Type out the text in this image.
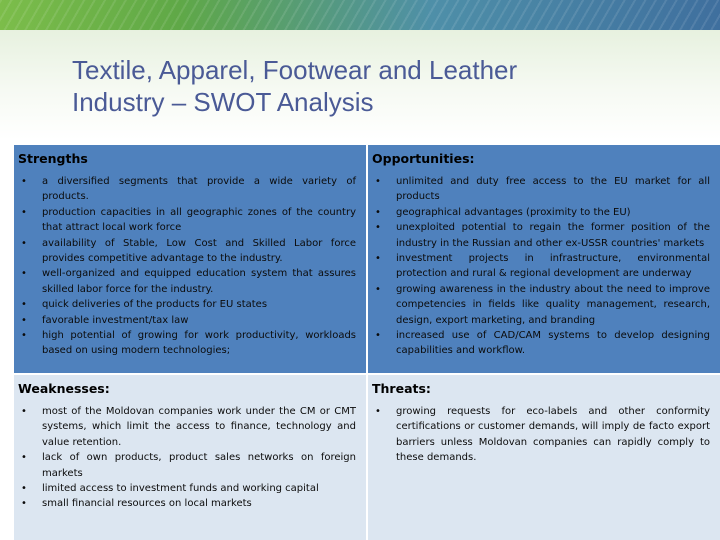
Textile, Apparel, Footwear and Leather
Industry – SWOT Analysis
Strengths
• a diversified segments that provide a wide variety of products.
• production capacities in all geographic zones of the country that attract local work force
• availability of Stable, Low Cost and Skilled Labor force provides competitive advantage to the industry.
• well-organized and equipped education system that assures skilled labor force for the industry.
• quick deliveries of the products for EU states
• favorable investment/tax law
• high potential of growing for work productivity, workloads based on using modern technologies;
Opportunities:
• unlimited and duty free access to the EU market for all products
• geographical advantages (proximity to the EU)
• unexploited potential to regain the former position of the industry in the Russian and other ex-USSR countries' markets
• investment projects in infrastructure, environmental protection and rural & regional development are underway
• growing awareness in the industry about the need to improve competencies in fields like quality management, research, design, export marketing, and branding
• increased use of CAD/CAM systems to develop designing capabilities and workflow.
Weaknesses:
• most of the Moldovan companies work under the CM or CMT systems, which limit the access to finance, technology and value retention.
• lack of own products, product sales networks on foreign markets
• limited access to investment funds and working capital
• small financial resources on local markets
Threats:
• growing requests for eco-labels and other conformity certifications or customer demands, will imply de facto export barriers unless Moldovan companies can rapidly comply to these demands.
